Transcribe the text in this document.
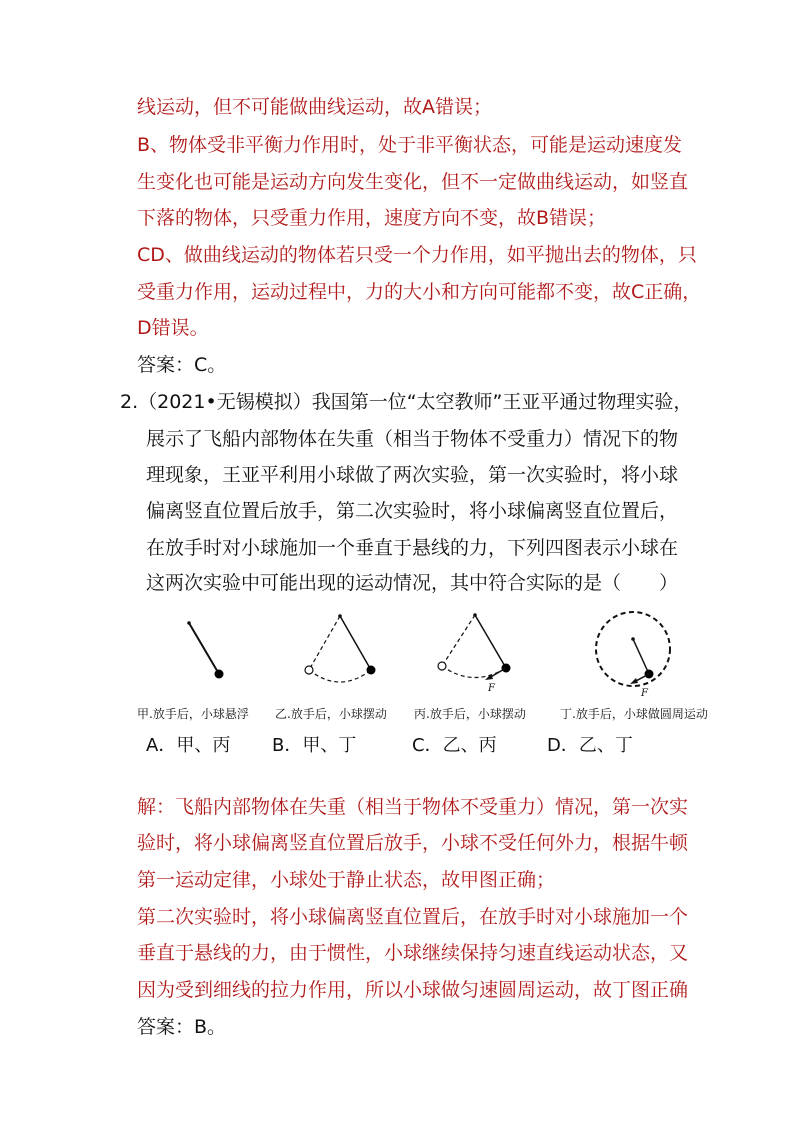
线运动，但不可能做曲线运动，故A错误；
B、物体受非平衡力作用时，处于非平衡状态，可能是运动速度发
生变化也可能是运动方向发生变化，但不一定做曲线运动，如竖直
下落的物体，只受重力作用，速度方向不变，故B错误；
CD、做曲线运动的物体若只受一个力作用，如平抛出去的物体，只
受重力作用，运动过程中，力的大小和方向可能都不变，故C正确，
D错误。
答案：C。
2.（2021•无锡模拟）我国第一位“太空教师”王亚平通过物理实验，
展示了飞船内部物体在失重（相当于物体不受重力）情况下的物
理现象，王亚平利用小球做了两次实验，第一次实验时，将小球
偏离竖直位置后放手，第二次实验时，将小球偏离竖直位置后，
在放手时对小球施加一个垂直于悬线的力，下列四图表示小球在
这两次实验中可能出现的运动情况，其中符合实际的是（　　）
F	F
甲.放手后，小球悬浮 乙.放手后，小球摆动 丙.放手后，小球摆动	丁.放手后，小球做圆周运动
A．甲、丙 B．甲、丁	C．乙、丙	D．乙、丁
解：飞船内部物体在失重（相当于物体不受重力）情况，第一次实
验时，将小球偏离竖直位置后放手，小球不受任何外力，根据牛顿
第一运动定律，小球处于静止状态，故甲图正确；
第二次实验时，将小球偏离竖直位置后，在放手时对小球施加一个
垂直于悬线的力，由于惯性，小球继续保持匀速直线运动状态，又
因为受到细线的拉力作用，所以小球做匀速圆周运动，故丁图正确
答案：B。
